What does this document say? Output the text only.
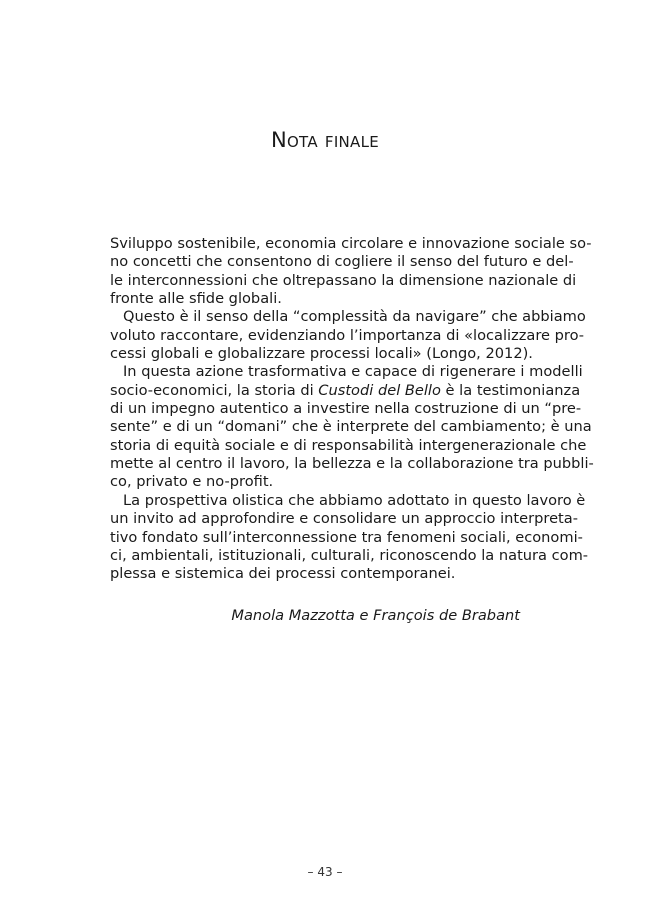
Nota finale
Sviluppo sostenibile, economia circolare e innovazione sociale so-
no concetti che consentono di cogliere il senso del futuro e del-
le interconnessioni che oltrepassano la dimensione nazionale di
fronte alle sfide globali.
Questo è il senso della “complessità da navigare” che abbiamo
voluto raccontare, evidenziando l’importanza di «localizzare pro-
cessi globali e globalizzare processi locali» (Longo, 2012).
In questa azione trasformativa e capace di rigenerare i modelli
socio-economici, la storia di Custodi del Bello è la testimonianza
di un impegno autentico a investire nella costruzione di un “pre-
sente” e di un “domani” che è interprete del cambiamento; è una
storia di equità sociale e di responsabilità intergenerazionale che
mette al centro il lavoro, la bellezza e la collaborazione tra pubbli-
co, privato e no-profit.
La prospettiva olistica che abbiamo adottato in questo lavoro è
un invito ad approfondire e consolidare un approccio interpreta-
tivo fondato sull’interconnessione tra fenomeni sociali, economi-
ci, ambientali, istituzionali, culturali, riconoscendo la natura com-
plessa e sistemica dei processi contemporanei.
Manola Mazzotta e François de Brabant
– 43 –
